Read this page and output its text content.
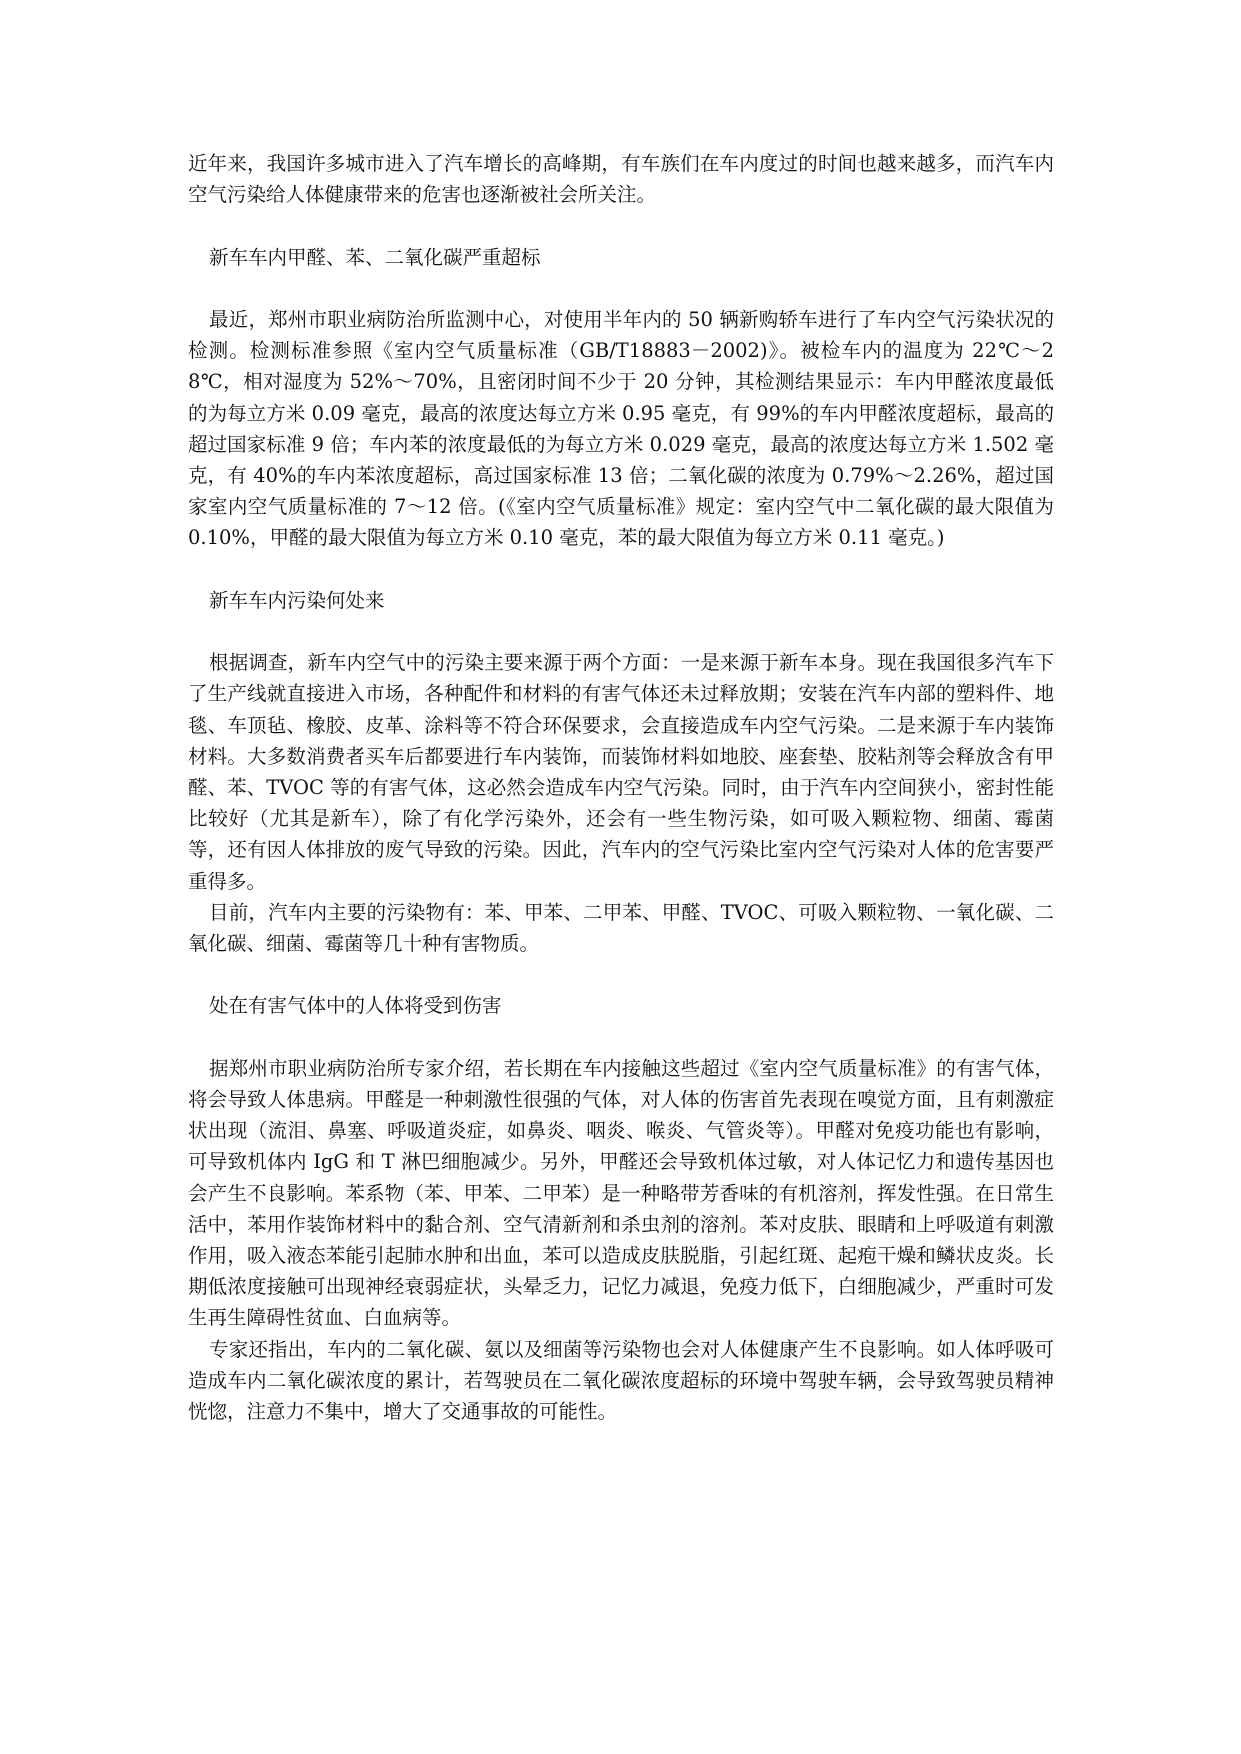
近年来，我国许多城市进入了汽车增长的高峰期，有车族们在车内度过的时间也越来越多，而汽车内空气污染给人体健康带来的危害也逐渐被社会所关注。

新车车内甲醛、苯、二氧化碳严重超标

最近，郑州市职业病防治所监测中心，对使用半年内的 50 辆新购轿车进行了车内空气污染状况的检测。检测标准参照《室内空气质量标准（GB/T18883－2002)》。被检车内的温度为 22℃～28℃，相对湿度为 52%～70%，且密闭时间不少于 20 分钟，其检测结果显示：车内甲醛浓度最低的为每立方米 0.09 毫克，最高的浓度达每立方米 0.95 毫克，有 99%的车内甲醛浓度超标，最高的超过国家标准 9 倍；车内苯的浓度最低的为每立方米 0.029 毫克，最高的浓度达每立方米 1.502 毫克，有 40%的车内苯浓度超标，高过国家标准 13 倍；二氧化碳的浓度为 0.79%～2.26%，超过国家室内空气质量标准的 7～12 倍。(《室内空气质量标准》规定：室内空气中二氧化碳的最大限值为 0.10%，甲醛的最大限值为每立方米 0.10 毫克，苯的最大限值为每立方米 0.11 毫克。)

新车车内污染何处来

根据调查，新车内空气中的污染主要来源于两个方面：一是来源于新车本身。现在我国很多汽车下了生产线就直接进入市场，各种配件和材料的有害气体还未过释放期；安装在汽车内部的塑料件、地毯、车顶毡、橡胶、皮革、涂料等不符合环保要求，会直接造成车内空气污染。二是来源于车内装饰材料。大多数消费者买车后都要进行车内装饰，而装饰材料如地胶、座套垫、胶粘剂等会释放含有甲醛、苯、TVOC 等的有害气体，这必然会造成车内空气污染。同时，由于汽车内空间狭小，密封性能比较好（尤其是新车），除了有化学污染外，还会有一些生物污染，如可吸入颗粒物、细菌、霉菌等，还有因人体排放的废气导致的污染。因此，汽车内的空气污染比室内空气污染对人体的危害要严重得多。

目前，汽车内主要的污染物有：苯、甲苯、二甲苯、甲醛、TVOC、可吸入颗粒物、一氧化碳、二氧化碳、细菌、霉菌等几十种有害物质。

处在有害气体中的人体将受到伤害

据郑州市职业病防治所专家介绍，若长期在车内接触这些超过《室内空气质量标准》的有害气体，将会导致人体患病。甲醛是一种刺激性很强的气体，对人体的伤害首先表现在嗅觉方面，且有刺激症状出现（流泪、鼻塞、呼吸道炎症，如鼻炎、咽炎、喉炎、气管炎等）。甲醛对免疫功能也有影响，可导致机体内 IgG 和 T 淋巴细胞减少。另外，甲醛还会导致机体过敏，对人体记忆力和遗传基因也会产生不良影响。苯系物（苯、甲苯、二甲苯）是一种略带芳香味的有机溶剂，挥发性强。在日常生活中，苯用作装饰材料中的黏合剂、空气清新剂和杀虫剂的溶剂。苯对皮肤、眼睛和上呼吸道有刺激作用，吸入液态苯能引起肺水肿和出血，苯可以造成皮肤脱脂，引起红斑、起疱干燥和鳞状皮炎。长期低浓度接触可出现神经衰弱症状，头晕乏力，记忆力减退，免疫力低下，白细胞减少，严重时可发生再生障碍性贫血、白血病等。

专家还指出，车内的二氧化碳、氨以及细菌等污染物也会对人体健康产生不良影响。如人体呼吸可造成车内二氧化碳浓度的累计，若驾驶员在二氧化碳浓度超标的环境中驾驶车辆，会导致驾驶员精神恍惚，注意力不集中，增大了交通事故的可能性。
